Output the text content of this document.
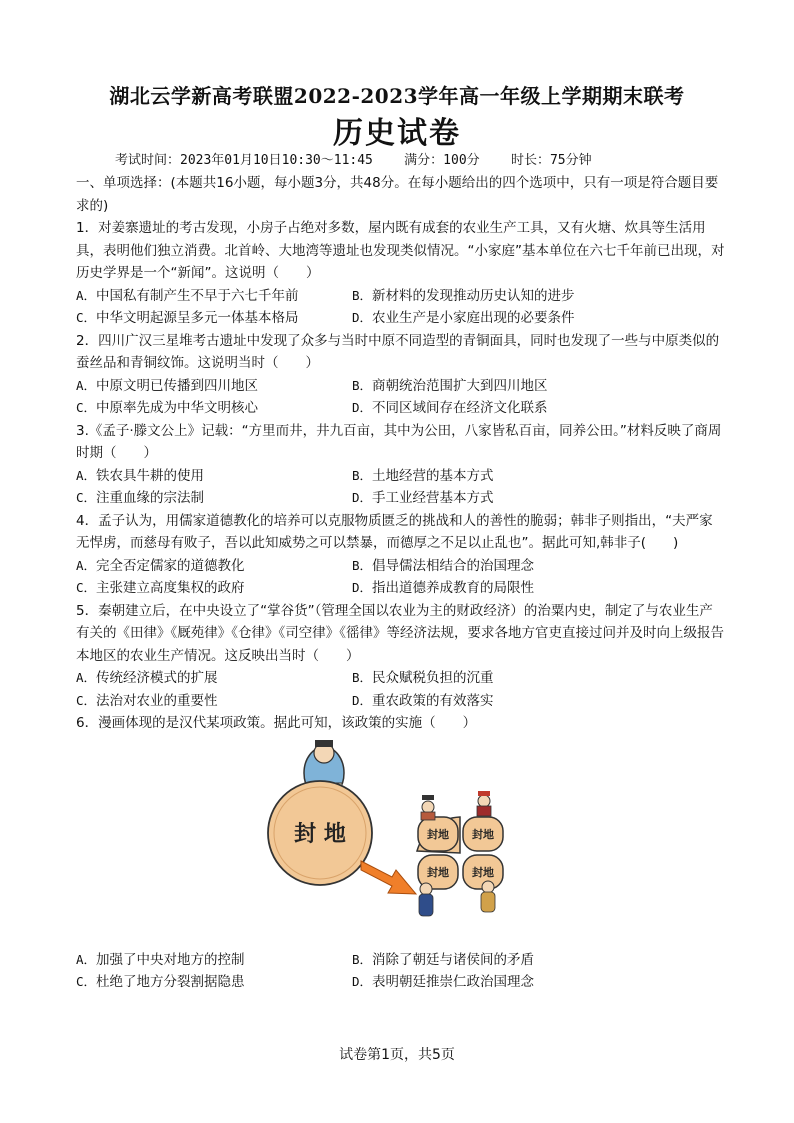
湖北云学新高考联盟2022-2023学年高一年级上学期期末联考
历史试卷
考试时间：2023年01月10日10:30～11:45    满分：100分    时长：75分钟

一、单项选择：(本题共16小题，每小题3分，共48分。在每小题给出的四个选项中，只有一项是符合题目要求的)

1．对姜寨遗址的考古发现，小房子占绝对多数，屋内既有成套的农业生产工具，又有火塘、炊具等生活用具，表明他们独立消费。北首岭、大地湾等遗址也发现类似情况。“小家庭”基本单位在六七千年前已出现，对历史学界是一个“新闻”。这说明（　　）

A．中国私有制产生不早于六七千年前	B．新材料的发现推动历史认知的进步
C．中华文明起源呈多元一体基本格局	D．农业生产是小家庭出现的必要条件

2．四川广汉三星堆考古遗址中发现了众多与当时中原不同造型的青铜面具，同时也发现了一些与中原类似的蚕丝品和青铜纹饰。这说明当时（　　）

A．中原文明已传播到四川地区	B．商朝统治范围扩大到四川地区
C．中原率先成为中华文明核心	D．不同区域间存在经济文化联系

3.《孟子·滕文公上》记载：“方里而井，井九百亩，其中为公田，八家皆私百亩，同养公田。”材料反映了商周时期（　　）

A．铁农具牛耕的使用	B．土地经营的基本方式
C．注重血缘的宗法制	D．手工业经营基本方式

4．孟子认为，用儒家道德教化的培养可以克服物质匮乏的挑战和人的善性的脆弱；韩非子则指出，“夫严家无悍虏，而慈母有败子，吾以此知威势之可以禁暴，而德厚之不足以止乱也”。据此可知,韩非子(　　)

A．完全否定儒家的道德教化	B．倡导儒法相结合的治国理念
C．主张建立高度集权的政府	D．指出道德养成教育的局限性

5．秦朝建立后，在中央设立了“掌谷货”（管理全国以农业为主的财政经济）的治粟内史，制定了与农业生产有关的《田律》《厩苑律》《仓律》《司空律》《徭律》等经济法规，要求各地方官吏直接过问并及时向上级报告本地区的农业生产情况。这反映出当时（　　）

A．传统经济模式的扩展	B．民众赋税负担的沉重
C．法治对农业的重要性	D．重农政策的有效落实

6．漫画体现的是汉代某项政策。据此可知，该政策的实施（　　）

封 地	封地 封地
封地 封地
A．加强了中央对地方的控制	B．消除了朝廷与诸侯间的矛盾
C．杜绝了地方分裂割据隐患	D．表明朝廷推崇仁政治国理念
试卷第1页，共5页
